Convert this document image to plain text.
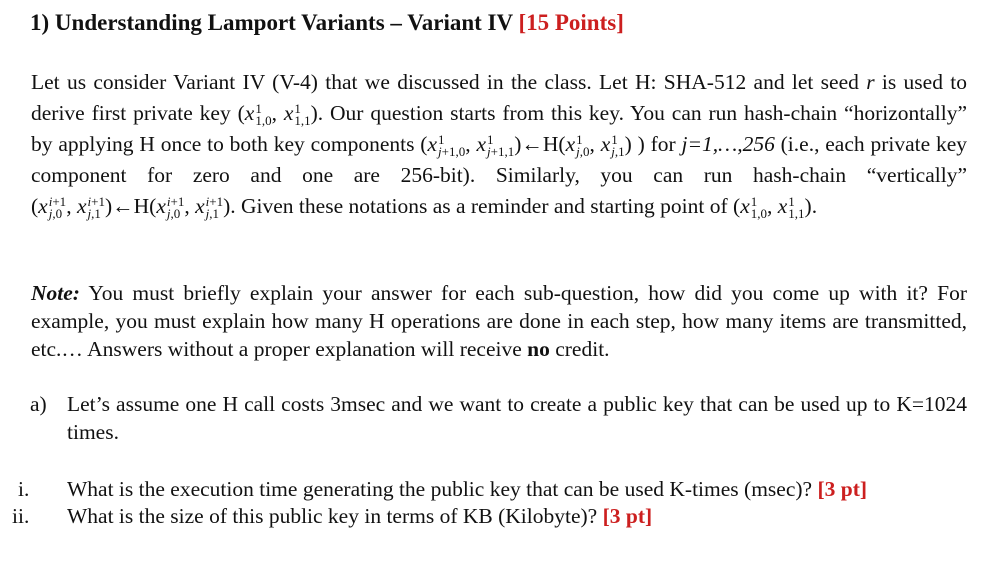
1) Understanding Lamport Variants – Variant IV [15 Points]
Let us consider Variant IV (V-4) that we discussed in the class. Let H: SHA-512 and let seed r is used to derive first private key (x 1
1,0 , x 1
1,1 ). Our question starts from this key. You can run hash-chain “horizontally” by applying H once to both key components (x 1
j+1,0 , x 1
j+1,1 )←H(x 1
j,0 , x 1
j,1 ) ) for j=1,…,256 (i.e., each private key component for zero and one are 256-bit). Similarly, you can run hash-chain “vertically” (x i+1
j,0 , x i+1
j,1 )←H(x i+1
j,0 , x i+1
j,1 ). Given these notations as a reminder and starting point of (x 1
1,0 , x 1
1,1 ).
Note: You must briefly explain your answer for each sub-question, how did you come up with it? For example, you must explain how many H operations are done in each step, how many items are transmitted, etc.… Answers without a proper explanation will receive no credit.
a) Let’s assume one H call costs 3msec and we want to create a public key that can be used up to K=1024 times.
i. What is the execution time generating the public key that can be used K-times (msec)? [3 pt]
ii. What is the size of this public key in terms of KB (Kilobyte)? [3 pt]
